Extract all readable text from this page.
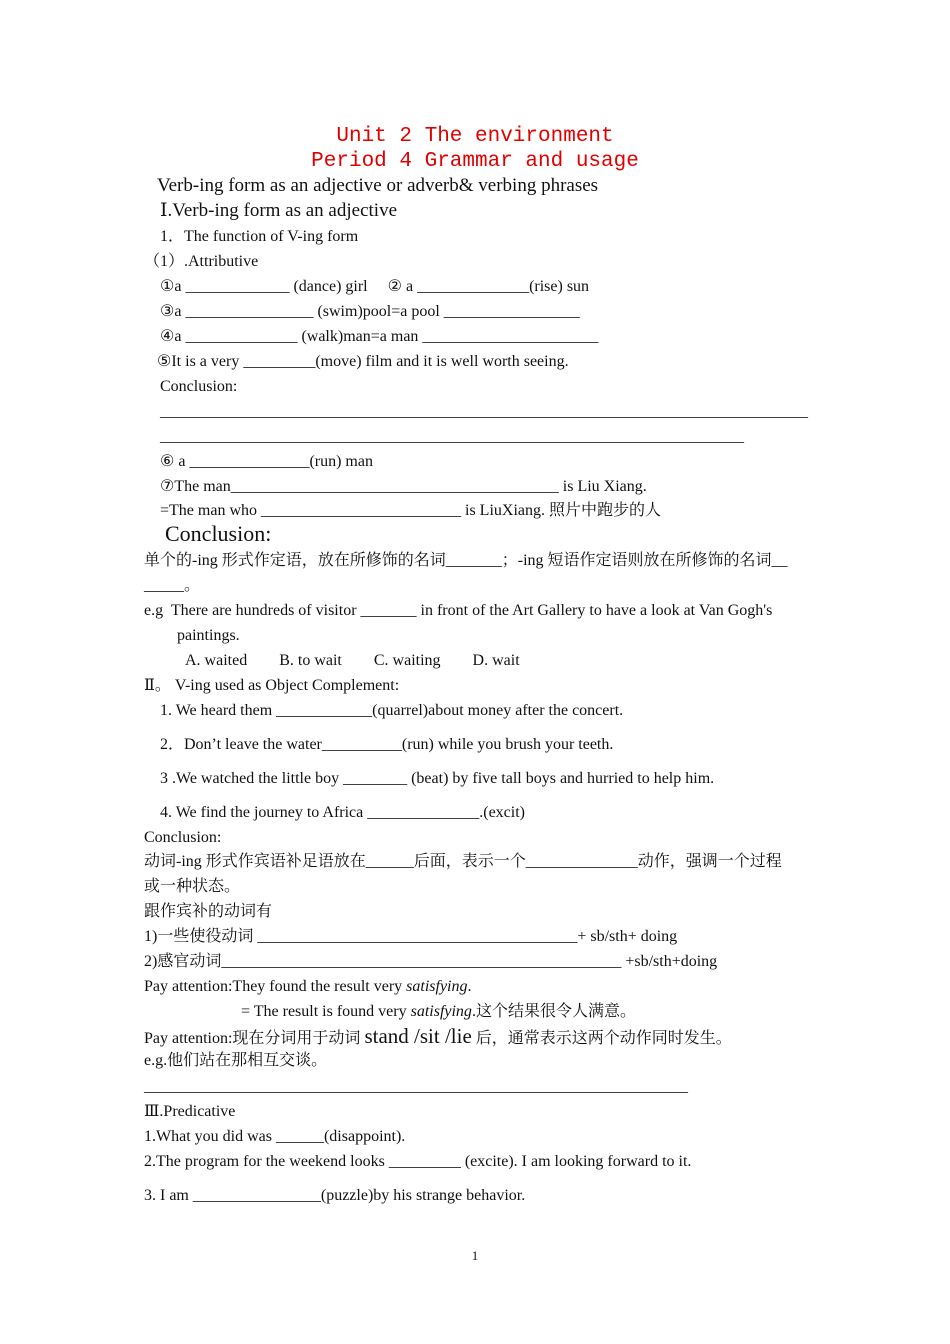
Unit 2 The environment
Period 4 Grammar and usage
Verb-ing form as an adjective or adverb& verbing phrases
Ⅰ.Verb-ing form as an adjective
1．The function of V-ing form
（1）.Attributive
①a _____________ (dance) girl     ② a ______________(rise) sun
③a ________________ (swim)pool=a pool _________________
④a ______________ (walk)man=a man ______________________
⑤It is a very _________(move) film and it is well worth seeing.
Conclusion:
_________________________________________________________________________________
_________________________________________________________________________
⑥ a _______________(run) man
⑦The man_________________________________________ is Liu Xiang.
=The man who _________________________ is LiuXiang. 照片中跑步的人
Conclusion:
单个的-ing 形式作定语，放在所修饰的名词_______；-ing 短语作定语则放在所修饰的名词__
_____。
e.g  There are hundreds of visitor _______ in front of the Art Gallery to have a look at Van Gogh's
paintings.
A. waited        B. to wait        C. waiting        D. wait
Ⅱ。 V-ing used as Object Complement:
1. We heard them ____________(quarrel)about money after the concert.
2．Don’t leave the water__________(run) while you brush your teeth.
3 .We watched the little boy ________ (beat) by five tall boys and hurried to help him.
4. We find the journey to Africa ______________.(excit)
Conclusion:
动词-ing 形式作宾语补足语放在______后面，表示一个______________动作，强调一个过程
或一种状态。
跟作宾补的动词有
1)一些使役动词 ________________________________________+ sb/sth+ doing
2)感官动词__________________________________________________ +sb/sth+doing
Pay attention:They found the result very satisfying.
= The result is found very satisfying.这个结果很令人满意。
Pay attention:现在分词用于动词 stand /sit /lie 后，通常表示这两个动作同时发生。
e.g.他们站在那相互交谈。
____________________________________________________________________
Ⅲ.Predicative
1.What you did was ______(disappoint).
2.The program for the weekend looks _________ (excite). I am looking forward to it.
3. I am ________________(puzzle)by his strange behavior.
1
